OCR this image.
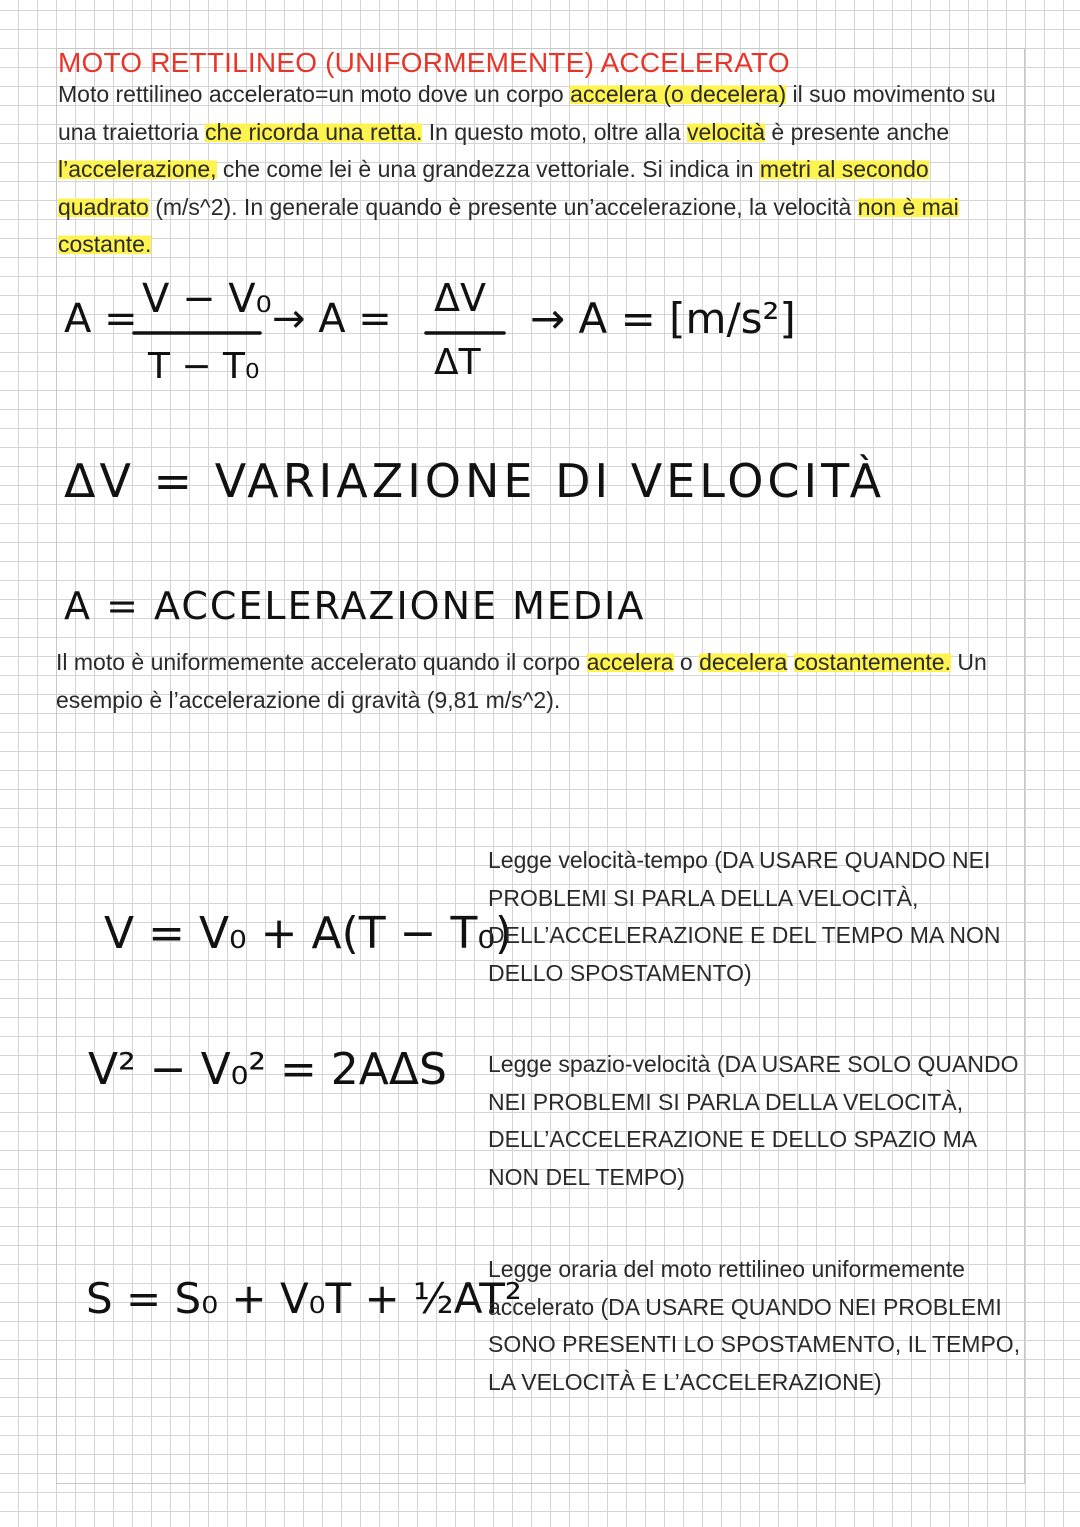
MOTO RETTILINEO (UNIFORMEMENTE) ACCELERATO
Moto rettilineo accelerato=un moto dove un corpo accelera (o decelera) il suo movimento su una traiettoria che ricorda una retta. In questo moto, oltre alla velocità è presente anche l’accelerazione, che come lei è una grandezza vettoriale. Si indica in metri al secondo quadrato (m/s^2). In generale quando è presente un’accelerazione, la velocità non è mai costante.
A = V − V₀
T − T₀
→ A = ΔV
ΔT
→ A = [m/s²]
ΔV = VARIAZIONE DI VELOCITÀ
A = ACCELERAZIONE MEDIA
Il moto è uniformemente accelerato quando il corpo accelera o decelera costantemente. Un esempio è l’accelerazione di gravità (9,81 m/s^2).
V = V₀ + A(T − T₀)
Legge velocità-tempo (DA USARE QUANDO NEI PROBLEMI SI PARLA DELLA VELOCITÀ, DELL’ACCELERAZIONE E DEL TEMPO MA NON DELLO SPOSTAMENTO)
V² − V₀² = 2AΔS Legge spazio-velocità (DA USARE SOLO QUANDO NEI PROBLEMI SI PARLA DELLA VELOCITÀ, DELL’ACCELERAZIONE E DELLO SPAZIO MA NON DEL TEMPO)
S = S₀ + V₀T + ½AT²
Legge oraria del moto rettilineo uniformemente accelerato (DA USARE QUANDO NEI PROBLEMI SONO PRESENTI LO SPOSTAMENTO, IL TEMPO, LA VELOCITÀ E L’ACCELERAZIONE)
